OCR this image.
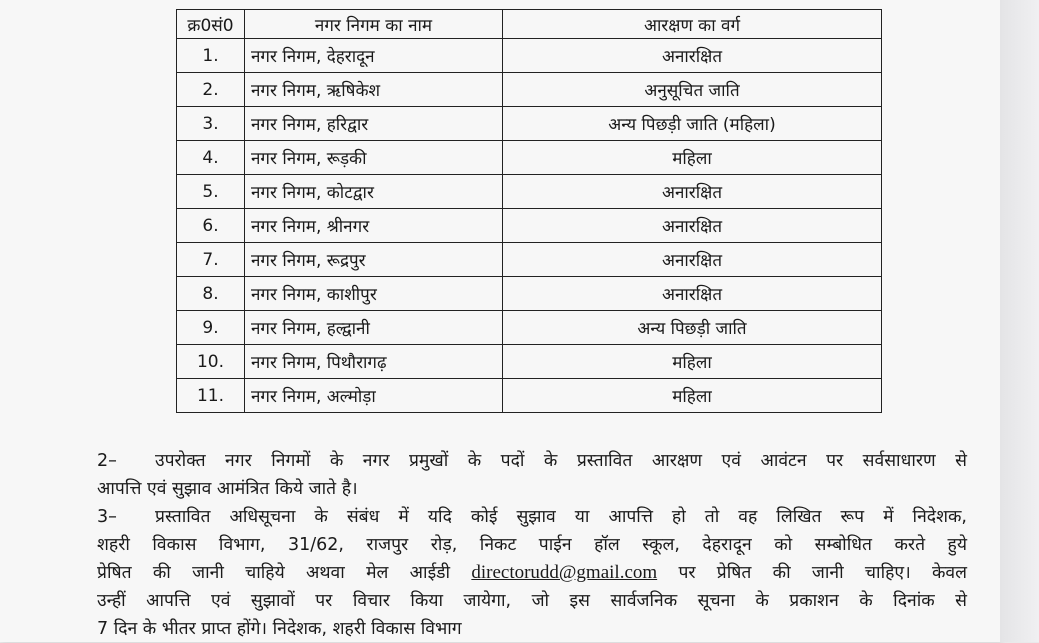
क्र0सं0	नगर निगम का नाम	आरक्षण का वर्ग
1.	नगर निगम, देहरादून	अनारक्षित
2.	नगर निगम, ऋषिकेश	अनुसूचित जाति
3.	नगर निगम, हरिद्वार	अन्य पिछड़ी जाति (महिला)
4.	नगर निगम, रूड़की	महिला
5.	नगर निगम, कोटद्वार	अनारक्षित
6.	नगर निगम, श्रीनगर	अनारक्षित
7.	नगर निगम, रूद्रपुर	अनारक्षित
8.	नगर निगम, काशीपुर	अनारक्षित
9.	नगर निगम, हल्द्वानी	अन्य पिछड़ी जाति
10.	नगर निगम, पिथौरागढ़	महिला
11.	नगर निगम, अल्मोड़ा	महिला
2– उपरोक्त नगर निगमों के नगर प्रमुखों के पदों के प्रस्तावित आरक्षण एवं आवंटन पर सर्वसाधारण से
आपत्ति एवं सुझाव आमंत्रित किये जाते है।
3– प्रस्तावित अधिसूचना के संबंध में यदि कोई सुझाव या आपत्ति हो तो वह लिखित रूप में निदेशक,
शहरी विकास विभाग, 31/62, राजपुर रोड़, निकट पाईन हॉल स्कूल, देहरादून को सम्बोधित करते हुये
प्रेषित की जानी चाहिये अथवा मेल आईडी directorudd@gmail.com पर प्रेषित की जानी चाहिए। केवल
उन्हीं आपत्ति एवं सुझावों पर विचार किया जायेगा, जो इस सार्वजनिक सूचना के प्रकाशन के दिनांक से
7 दिन के भीतर प्राप्त होंगे। निदेशक, शहरी विकास विभाग
